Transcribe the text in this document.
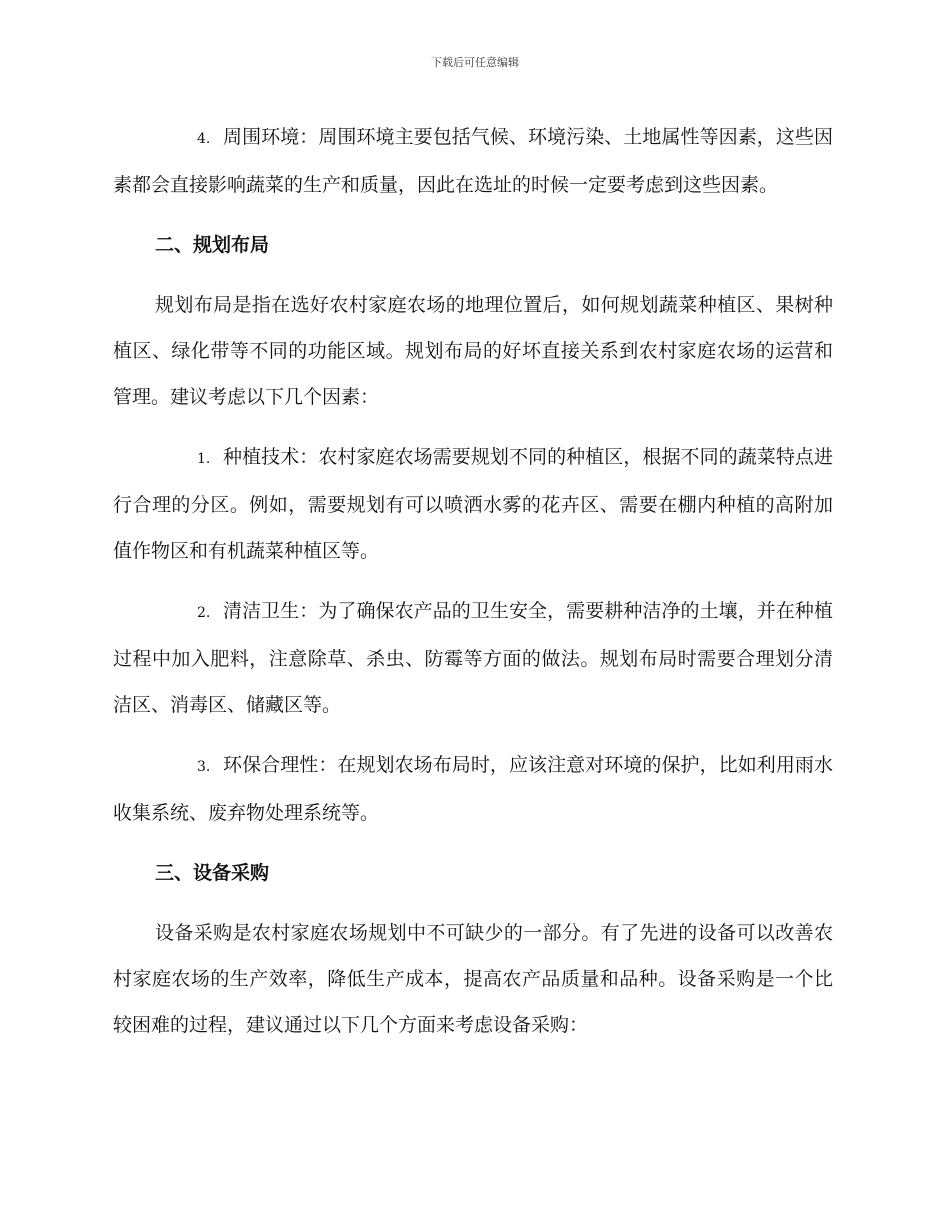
下载后可任意编辑

4. 周围环境：周围环境主要包括气候、环境污染、土地属性等因素，这些因素都会直接影响蔬菜的生产和质量，因此在选址的时候一定要考虑到这些因素。

二、规划布局

规划布局是指在选好农村家庭农场的地理位置后，如何规划蔬菜种植区、果树种植区、绿化带等不同的功能区域。规划布局的好坏直接关系到农村家庭农场的运营和管理。建议考虑以下几个因素：

1. 种植技术：农村家庭农场需要规划不同的种植区，根据不同的蔬菜特点进行合理的分区。例如，需要规划有可以喷洒水雾的花卉区、需要在棚内种植的高附加值作物区和有机蔬菜种植区等。

2. 清洁卫生：为了确保农产品的卫生安全，需要耕种洁净的土壤，并在种植过程中加入肥料，注意除草、杀虫、防霉等方面的做法。规划布局时需要合理划分清洁区、消毒区、储藏区等。

3. 环保合理性：在规划农场布局时，应该注意对环境的保护，比如利用雨水收集系统、废弃物处理系统等。

三、设备采购

设备采购是农村家庭农场规划中不可缺少的一部分。有了先进的设备可以改善农村家庭农场的生产效率，降低生产成本，提高农产品质量和品种。设备采购是一个比较困难的过程，建议通过以下几个方面来考虑设备采购：
